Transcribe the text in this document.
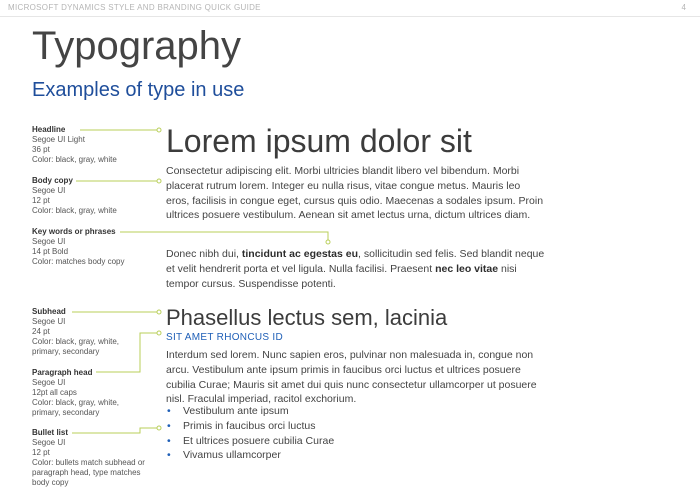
MICROSOFT DYNAMICS STYLE AND BRANDING QUICK GUIDE	4
Typography
Examples of type in use
Headline
Segoe UI Light
36 pt
Color: black, gray, white
Body copy
Segoe UI
12 pt
Color: black, gray, white
Key words or phrases
Segoe UI
14 pt Bold
Color: matches body copy
Subhead
Segoe UI
24 pt
Color: black, gray, white,
primary, secondary
Paragraph head
Segoe UI
12pt all caps
Color: black, gray, white,
primary, secondary
Bullet list
Segoe UI
12 pt
Color: bullets match subhead or
paragraph head, type matches
body copy
Lorem ipsum dolor sit
Consectetur adipiscing elit. Morbi ultricies blandit libero vel bibendum. Morbi placerat rutrum lorem. Integer eu nulla risus, vitae congue metus. Mauris leo eros, facilisis in congue eget, cursus quis odio. Maecenas a sodales ipsum. Proin ultrices posuere vestibulum. Aenean sit amet lectus urna, dictum ultrices diam.
Donec nibh dui, tincidunt ac egestas eu, sollicitudin sed felis. Sed blandit neque et velit hendrerit porta et vel ligula. Nulla facilisi. Praesent nec leo vitae nisi tempor cursus. Suspendisse potenti.
Phasellus lectus sem, lacinia
SIT AMET RHONCUS ID
Interdum sed lorem. Nunc sapien eros, pulvinar non malesuada in, congue non arcu. Vestibulum ante ipsum primis in faucibus orci luctus et ultrices posuere cubilia Curae; Mauris sit amet dui quis nunc consectetur ullamcorper ut posuere nisl. Fraculal imperiad, racitol exchorium.
• Vestibulum ante ipsum
• Primis in faucibus orci luctus
• Et ultrices posuere cubilia Curae
• Vivamus ullamcorper
